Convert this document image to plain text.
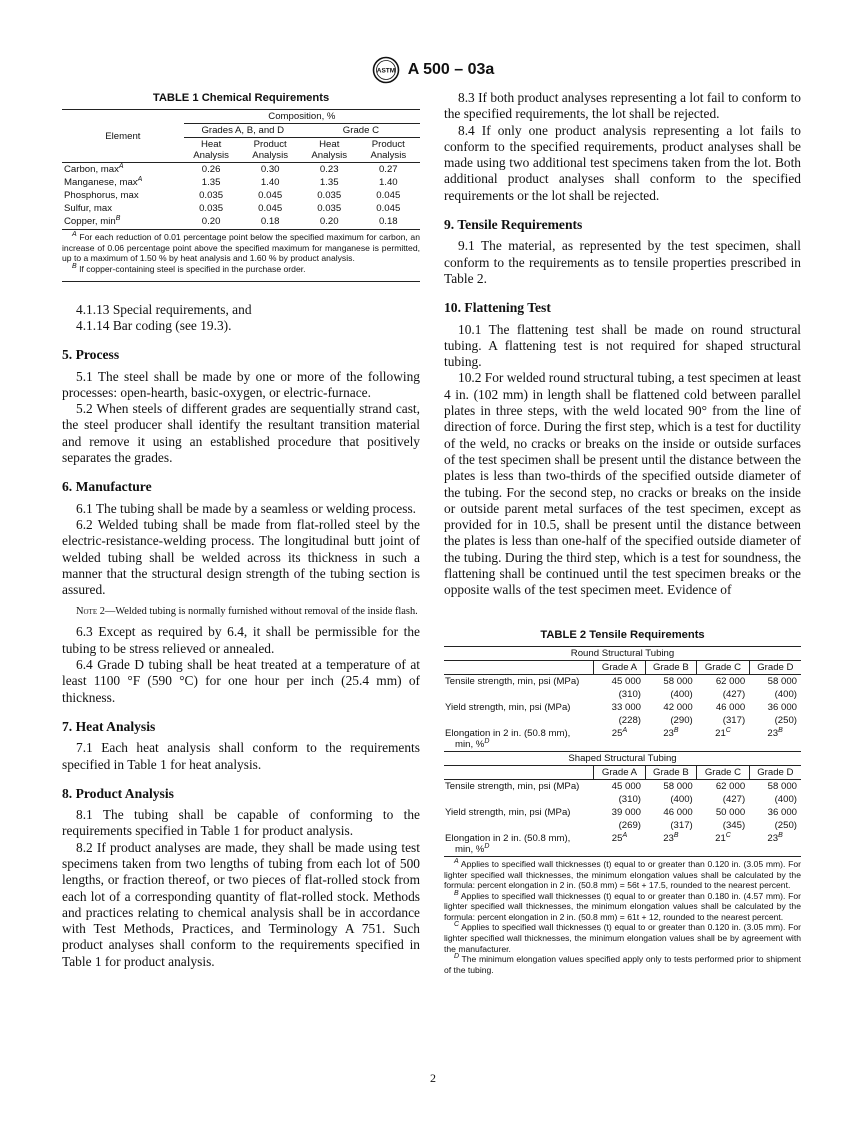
ASTM A 500 – 03a
TABLE 1 Chemical Requirements
Element	Composition, %			
	Grades A, B, and D		Grade C	
	Heat Analysis	Product Analysis	Heat Analysis	Product Analysis
Carbon, $\max^A$	0.26	0.30	0.23	0.27
Manganese, $\max^A$	1.35	1.40	1.35	1.40
Phosphorus, max	0.035	0.045	0.035	0.045
Sulfur, max	0.035	0.045	0.035	0.045
Copper, $\min^B$	0.20	0.18	0.20	0.18

$^A$ For each reduction of 0.01 percentage point below the specified maximum for carbon, an increase of 0.06 percentage point above the specified maximum for manganese is permitted, up to a maximum of 1.50 % by heat analysis and 1.60 % by product analysis.

$^B$ If copper-containing steel is specified in the purchase order.

4.1.13 Special requirements, and

4.1.14 Bar coding (see 19.3).

5. Process

5.1 The steel shall be made by one or more of the following processes: open-hearth, basic-oxygen, or electric-furnace.

5.2 When steels of different grades are sequentially strand cast, the steel producer shall identify the resultant transition material and remove it using an established procedure that positively separates the grades.

6. Manufacture

6.1 The tubing shall be made by a seamless or welding process.

6.2 Welded tubing shall be made from flat-rolled steel by the electric-resistance-welding process. The longitudinal butt joint of welded tubing shall be welded across its thickness in such a manner that the structural design strength of the tubing section is assured.

Note 2—Welded tubing is normally furnished without removal of the inside flash.

6.3 Except as required by 6.4, it shall be permissible for the tubing to be stress relieved or annealed.

6.4 Grade D tubing shall be heat treated at a temperature of at least 1100 °F (590 °C) for one hour per inch (25.4 mm) of thickness.

7. Heat Analysis

7.1 Each heat analysis shall conform to the requirements specified in Table 1 for heat analysis.

8. Product Analysis

8.1 The tubing shall be capable of conforming to the requirements specified in Table 1 for product analysis.

8.2 If product analyses are made, they shall be made using test specimens taken from two lengths of tubing from each lot of 500 lengths, or fraction thereof, or two pieces of flat-rolled stock from each lot of a corresponding quantity of flat-rolled stock. Methods and practices relating to chemical analysis shall be in accordance with Test Methods, Practices, and Terminology A 751. Such product analyses shall conform to the requirements specified in Table 1 for product analysis.

8.3 If both product analyses representing a lot fail to conform to the specified requirements, the lot shall be rejected.

8.4 If only one product analysis representing a lot fails to conform to the specified requirements, product analyses shall be made using two additional test specimens taken from the lot. Both additional product analyses shall conform to the specified requirements or the lot shall be rejected.

9. Tensile Requirements

9.1 The material, as represented by the test specimen, shall conform to the requirements as to tensile properties prescribed in Table 2.

10. Flattening Test

10.1 The flattening test shall be made on round structural tubing. A flattening test is not required for shaped structural tubing.

10.2 For welded round structural tubing, a test specimen at least 4 in. (102 mm) in length shall be flattened cold between parallel plates in three steps, with the weld located 90° from the line of direction of force. During the first step, which is a test for ductility of the weld, no cracks or breaks on the inside or outside surfaces of the test specimen shall be present until the distance between the plates is less than two-thirds of the specified outside diameter of the tubing. For the second step, no cracks or breaks on the inside or outside parent metal surfaces of the test specimen, except as provided for in 10.5, shall be present until the distance between the plates is less than one-half of the specified outside diameter of the tubing. During the third step, which is a test for soundness, the flattening shall be continued until the test specimen breaks or the opposite walls of the test specimen meet. Evidence of

TABLE 2 Tensile Requirements
Round Structural Tubing				
	Grade A	Grade B	Grade C	Grade D
Tensile strength, min, psi (MPa)	45 000	58 000	62 000	58 000
	(310)	(400)	(427)	(400)
Yield strength, min, psi (MPa)	33 000	42 000	46 000	36 000
	(228)	(290)	(317)	(250)

Elongation in 2 in. (50.8 mm),
min, %$^D$	$25^A$	$23^B$	$21^C$	$23^B$
Shaped Structural Tubing				
	Grade A	Grade B	Grade C	Grade D
Tensile strength, min, psi (MPa)	45 000	58 000	62 000	58 000
	(310)	(400)	(427)	(400)
Yield strength, min, psi (MPa)	39 000	46 000	50 000	36 000
	(269)	(317)	(345)	(250)

Elongation in 2 in. (50.8 mm),
min, %$^D$	$25^A$	$23^B$	$21^C$	$23^B$

$^A$ Applies to specified wall thicknesses (t) equal to or greater than 0.120 in. (3.05 mm). For lighter specified wall thicknesses, the minimum elongation values shall be calculated by the formula: percent elongation in 2 in. (50.8 mm) = 56t + 17.5, rounded to the nearest percent.

$^B$ Applies to specified wall thicknesses (t) equal to or greater than 0.180 in. (4.57 mm). For lighter specified wall thicknesses, the minimum elongation values shall be calculated by the formula: percent elongation in 2 in. (50.8 mm) = 61t + 12, rounded to the nearest percent.

$^C$ Applies to specified wall thicknesses (t) equal to or greater than 0.120 in. (3.05 mm). For lighter specified wall thicknesses, the minimum elongation values shall be by agreement with the manufacturer.

$^D$ The minimum elongation values specified apply only to tests performed prior to shipment of the tubing.

2
